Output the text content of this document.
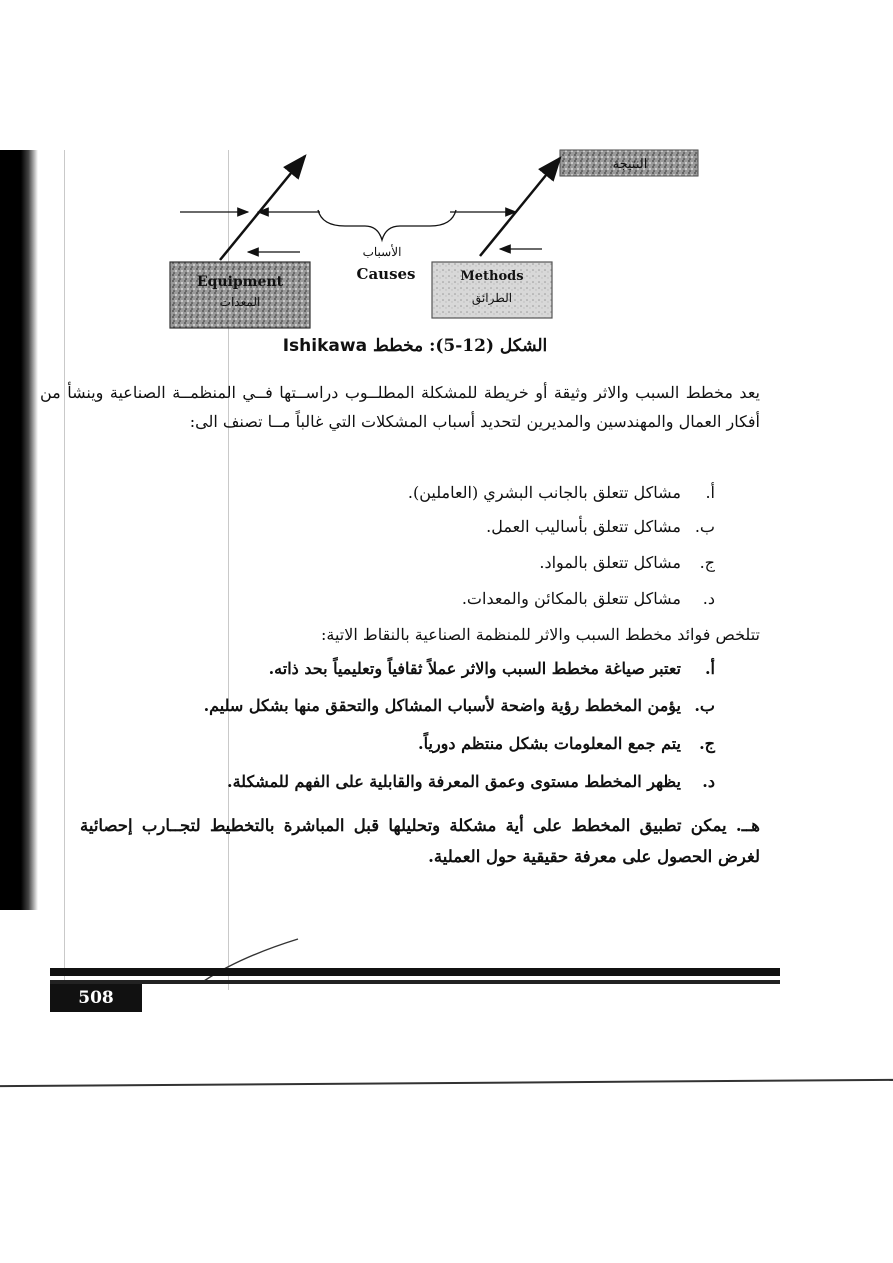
النتيجة
الأسباب
Causes
Equipment
المعدات
Methods
الطرائق
الشكل (12-5): مخطط Ishikawa
يعد مخطط السبب والاثر وثيقة أو خريطة للمشكلة المطلــوب دراســتها فــي المنظمــة الصناعية وينشأ من أفكار العمال والمهندسين والمديرين لتحديد أسباب المشكلات التي غالباً مــا تصنف الى:
أ.مشاكل تتعلق بالجانب البشري (العاملين).
ب.مشاكل تتعلق بأساليب العمل.
ج.مشاكل تتعلق بالمواد.
د.مشاكل تتعلق بالمكائن والمعدات.
تتلخص فوائد مخطط السبب والاثر للمنظمة الصناعية بالنقاط الاتية:
أ.تعتبر صياغة مخطط السبب والاثر عملاً ثقافياً وتعليمياً بحد ذاته.
ب.يؤمن المخطط رؤية واضحة لأسباب المشاكل والتحقق منها بشكل سليم.
ج.يتم جمع المعلومات بشكل منتظم دورياً.
د.يظهر المخطط مستوى وعمق المعرفة والقابلية على الفهم للمشكلة.
هــ. يمكن تطبيق المخطط على أية مشكلة وتحليلها قبل المباشرة بالتخطيط لتجــارب إحصائية لغرض الحصول على معرفة حقيقية حول العملية.
508
